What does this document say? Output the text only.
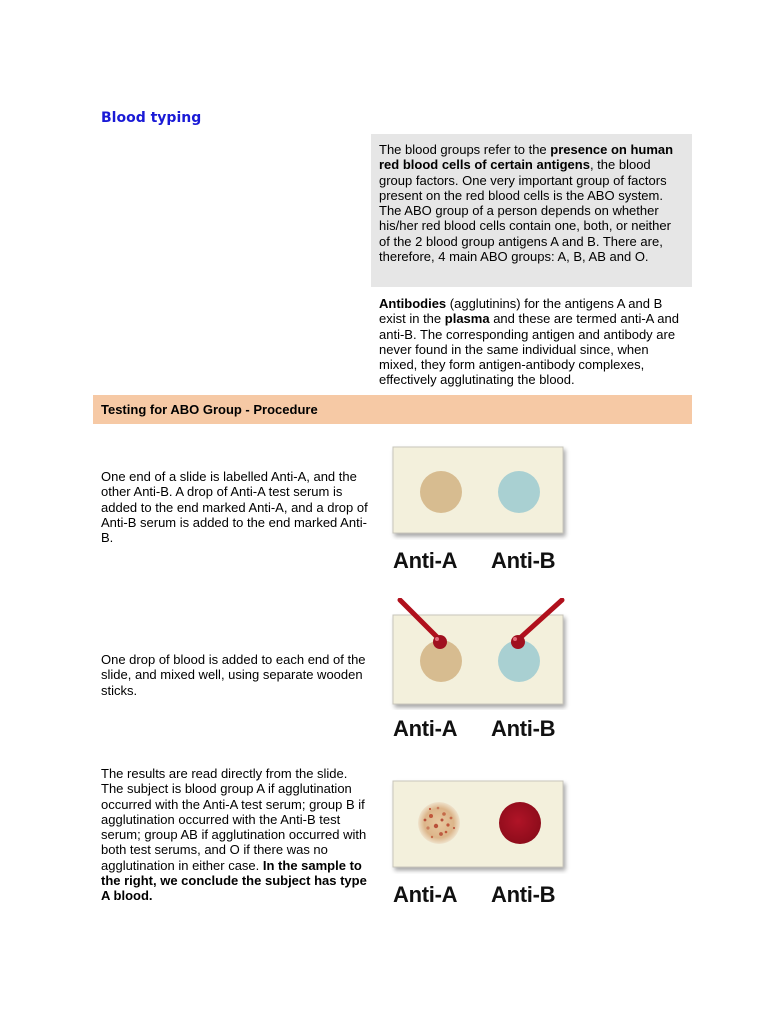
Blood typing
The blood groups refer to the presence on human red blood cells of certain antigens, the blood group factors. One very important group of factors present on the red blood cells is the ABO system. The ABO group of a person depends on whether his/her red blood cells contain one, both, or neither of the 2 blood group antigens A and B. There are, therefore, 4 main ABO groups: A, B, AB and O.
Antibodies (agglutinins) for the antigens A and B exist in the plasma and these are termed anti-A and anti-B. The corresponding antigen and antibody are never found in the same individual since, when mixed, they form antigen-antibody complexes, effectively agglutinating the blood.
Testing for ABO Group - Procedure
One end of a slide is labelled Anti-A, and the other Anti-B. A drop of Anti-A test serum is added to the end marked Anti-A, and a drop of Anti-B serum is added to the end marked Anti-B.
Anti-A Anti-B
One drop of blood is added to each end of the slide, and mixed well, using separate wooden sticks.
Anti-A Anti-B
The results are read directly from the slide. The subject is blood group A if agglutination occurred with the Anti-A test serum; group B if agglutination occurred with the Anti-B test serum; group AB if agglutination occurred with both test serums, and O if there was no agglutination in either case. In the sample to the right, we conclude the subject has type A blood.	Anti-A Anti-B
